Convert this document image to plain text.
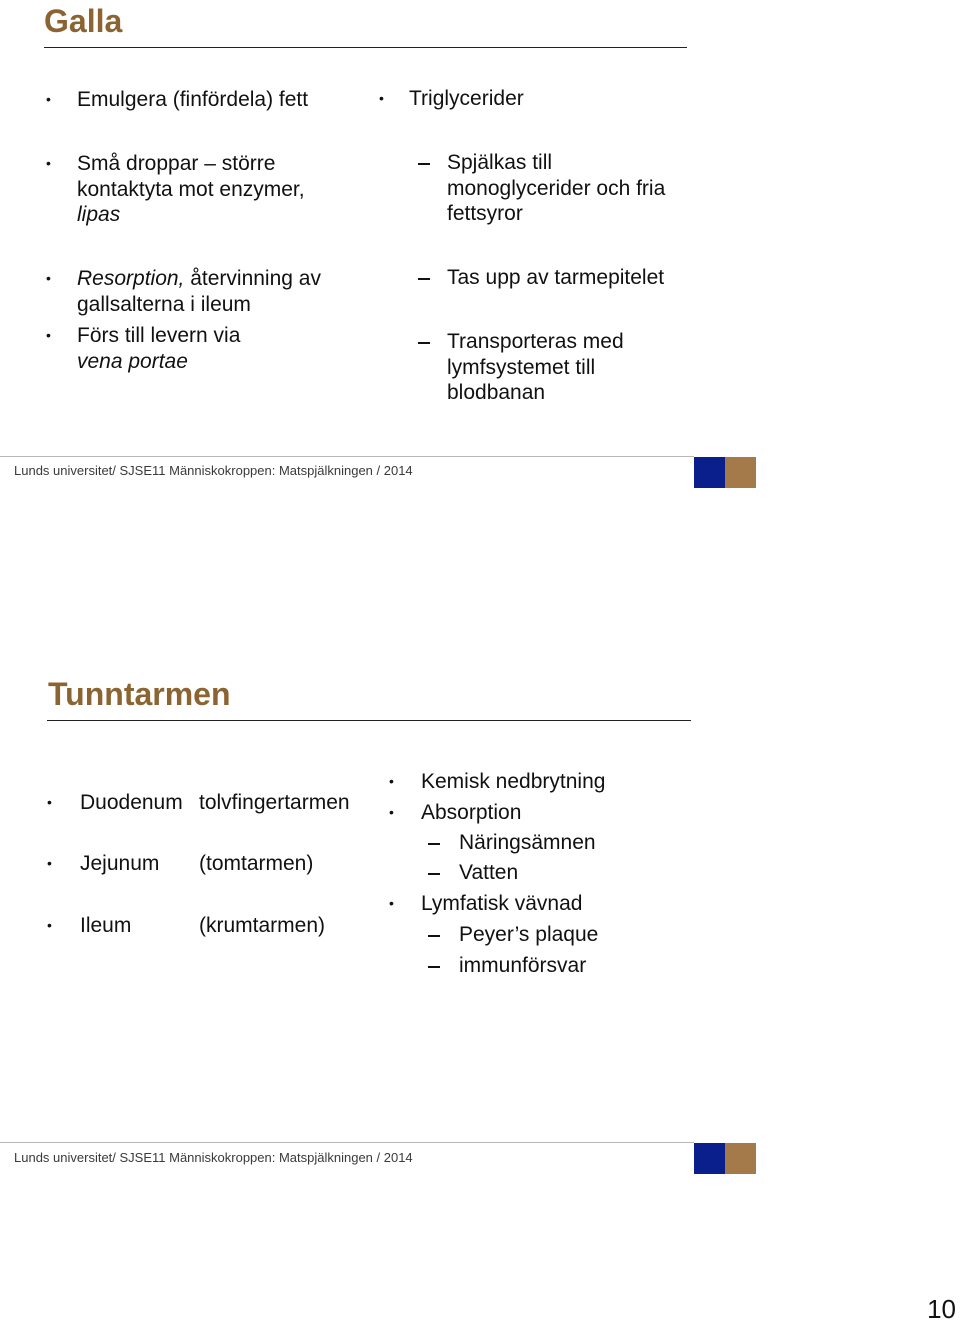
Galla
• Emulgera (finfördela) fett
• Små droppar – större
kontaktyta mot enzymer,
lipas
• Resorption, återvinning av
gallsalterna i ileum
• Förs till levern via
vena portae
• Triglycerider
Spjälkas till
monoglycerider och fria
fettsyror
Tas upp av tarmepitelet
Transporteras med
lymfsystemet till
blodbanan
Lunds universitet/ SJSE11 Människokroppen: Matspjälkningen / 2014
Tunntarmen
• Duodenum tolvfingertarmen
• Jejunum (tomtarmen)
• Ileum	(krumtarmen)
• Kemisk nedbrytning
• Absorption
Näringsämnen
Vatten
• Lymfatisk vävnad
Peyer’s plaque
immunförsvar
Lunds universitet/ SJSE11 Människokroppen: Matspjälkningen / 2014
10
